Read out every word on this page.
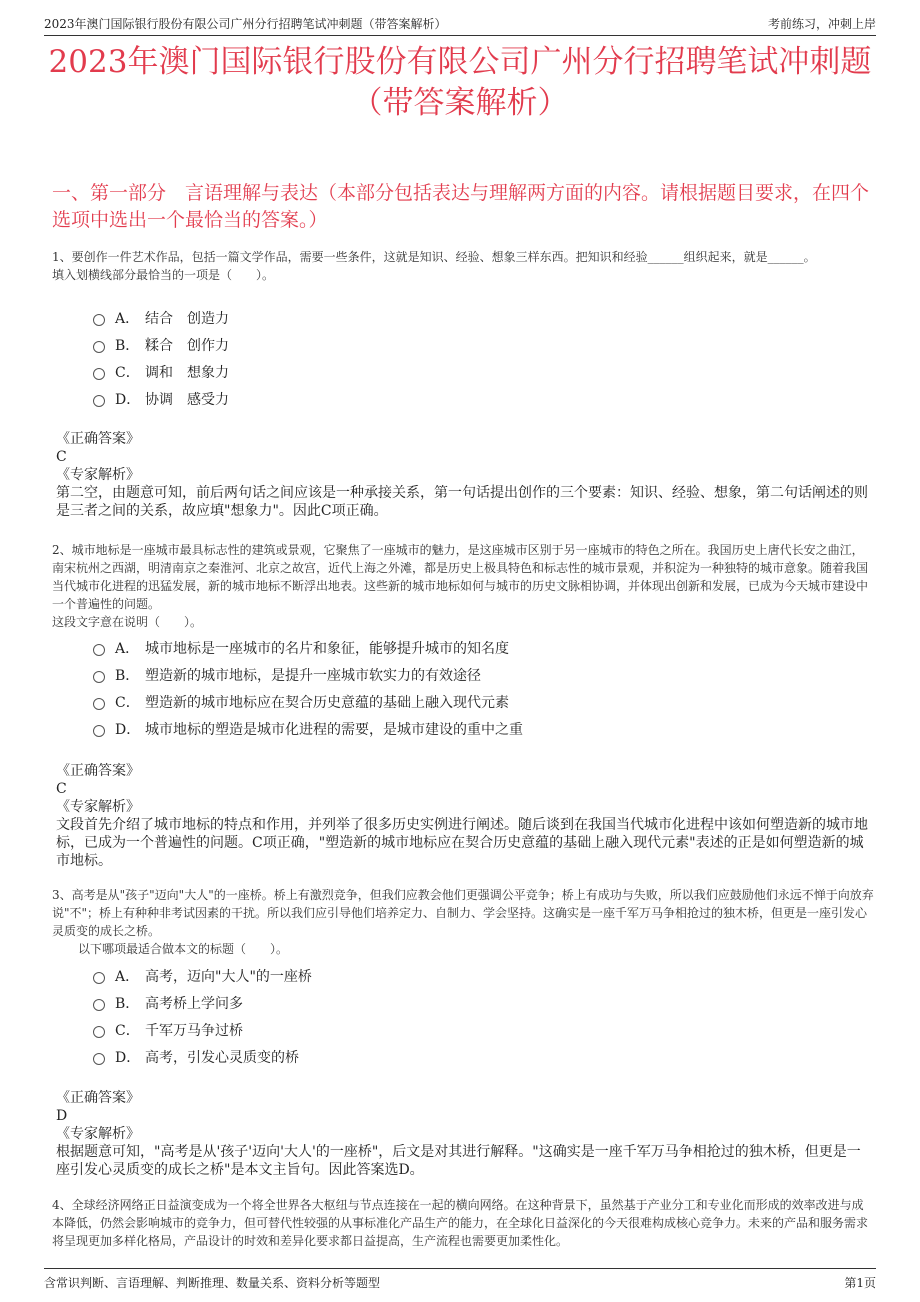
2023年澳门国际银行股份有限公司广州分行招聘笔试冲刺题（带答案解析）	考前练习，冲刺上岸
2023年澳门国际银行股份有限公司广州分行招聘笔试冲刺题
（带答案解析）
一、第一部分　言语理解与表达（本部分包括表达与理解两方面的内容。请根据题目要求，在四个选项中选出一个最恰当的答案。）
1、要创作一件艺术作品，包括一篇文学作品，需要一些条件，这就是知识、经验、想象三样东西。把知识和经验______组织起来，就是______。
填入划横线部分最恰当的一项是（　　）。
A． 结合　创造力
B． 糅合　创作力
C． 调和　想象力
D． 协调　感受力
《正确答案》
C
《专家解析》
第二空，由题意可知，前后两句话之间应该是一种承接关系，第一句话提出创作的三个要素：知识、经验、想象，第二句话阐述的则是三者之间的关系，故应填"想象力"。因此C项正确。
2、城市地标是一座城市最具标志性的建筑或景观，它聚焦了一座城市的魅力，是这座城市区别于另一座城市的特色之所在。我国历史上唐代长安之曲江，南宋杭州之西湖，明清南京之秦淮河、北京之故宫，近代上海之外滩，都是历史上极具特色和标志性的城市景观，并积淀为一种独特的城市意象。随着我国当代城市化进程的迅猛发展，新的城市地标不断浮出地表。这些新的城市地标如何与城市的历史文脉相协调，并体现出创新和发展，已成为今天城市建设中一个普遍性的问题。
这段文字意在说明（　　）。
A． 城市地标是一座城市的名片和象征，能够提升城市的知名度
B． 塑造新的城市地标，是提升一座城市软实力的有效途径
C． 塑造新的城市地标应在契合历史意蕴的基础上融入现代元素
D． 城市地标的塑造是城市化进程的需要，是城市建设的重中之重
《正确答案》
C
《专家解析》
文段首先介绍了城市地标的特点和作用，并列举了很多历史实例进行阐述。随后谈到在我国当代城市化进程中该如何塑造新的城市地标，已成为一个普遍性的问题。C项正确，"塑造新的城市地标应在契合历史意蕴的基础上融入现代元素"表述的正是如何塑造新的城市地标。
3、高考是从"孩子"迈向"大人"的一座桥。桥上有激烈竞争，但我们应教会他们更强调公平竞争；桥上有成功与失败，所以我们应鼓励他们永远不惮于向放弃说"不"；桥上有种种非考试因素的干扰。所以我们应引导他们培养定力、自制力、学会坚持。这确实是一座千军万马争相抢过的独木桥，但更是一座引发心灵质变的成长之桥。
以下哪项最适合做本文的标题（　　）。
A． 高考，迈向"大人"的一座桥
B． 高考桥上学问多
C． 千军万马争过桥
D． 高考，引发心灵质变的桥
《正确答案》
D
《专家解析》
根据题意可知，"高考是从'孩子'迈向'大人'的一座桥"，后文是对其进行解释。"这确实是一座千军万马争相抢过的独木桥，但更是一座引发心灵质变的成长之桥"是本文主旨句。因此答案选D。
4、全球经济网络正日益演变成为一个将全世界各大枢纽与节点连接在一起的横向网络。在这种背景下，虽然基于产业分工和专业化而形成的效率改进与成本降低，仍然会影响城市的竞争力，但可替代性较强的从事标准化产品生产的能力，在全球化日益深化的今天很难构成核心竞争力。未来的产品和服务需求将呈现更加多样化格局，产品设计的时效和差异化要求都日益提高，生产流程也需要更加柔性化。
含常识判断、言语理解、判断推理、数量关系、资料分析等题型	第1页
